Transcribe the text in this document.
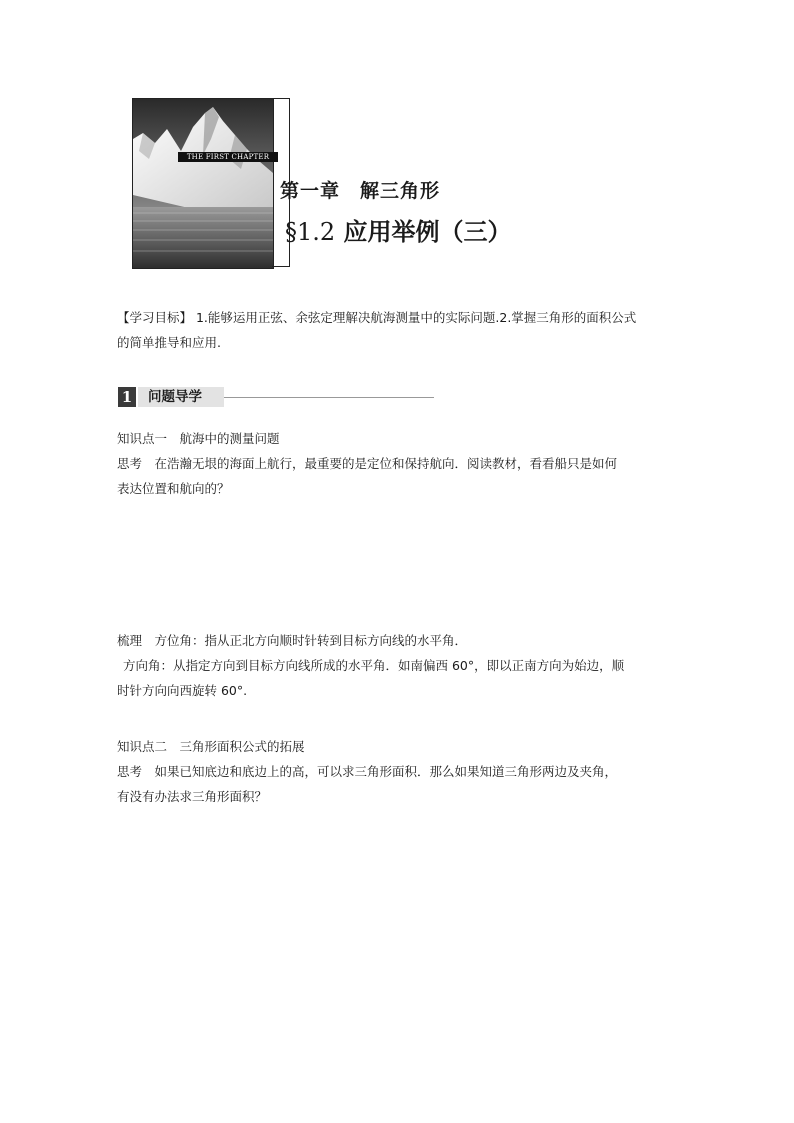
THE FIRST CHAPTER
第一章　解三角形
§1.2 应用举例（三）
【学习目标】 1.能够运用正弦、余弦定理解决航海测量中的实际问题.2.掌握三角形的面积公式
的简单推导和应用.
1	问题导学
知识点一　航海中的测量问题
思考　在浩瀚无垠的海面上航行，最重要的是定位和保持航向．阅读教材，看看船只是如何
表达位置和航向的？
梳理　方位角：指从正北方向顺时针转到目标方向线的水平角．
方向角：从指定方向到目标方向线所成的水平角．如南偏西 60°，即以正南方向为始边，顺
时针方向向西旋转 60°.
知识点二　三角形面积公式的拓展
思考　如果已知底边和底边上的高，可以求三角形面积．那么如果知道三角形两边及夹角，
有没有办法求三角形面积？
